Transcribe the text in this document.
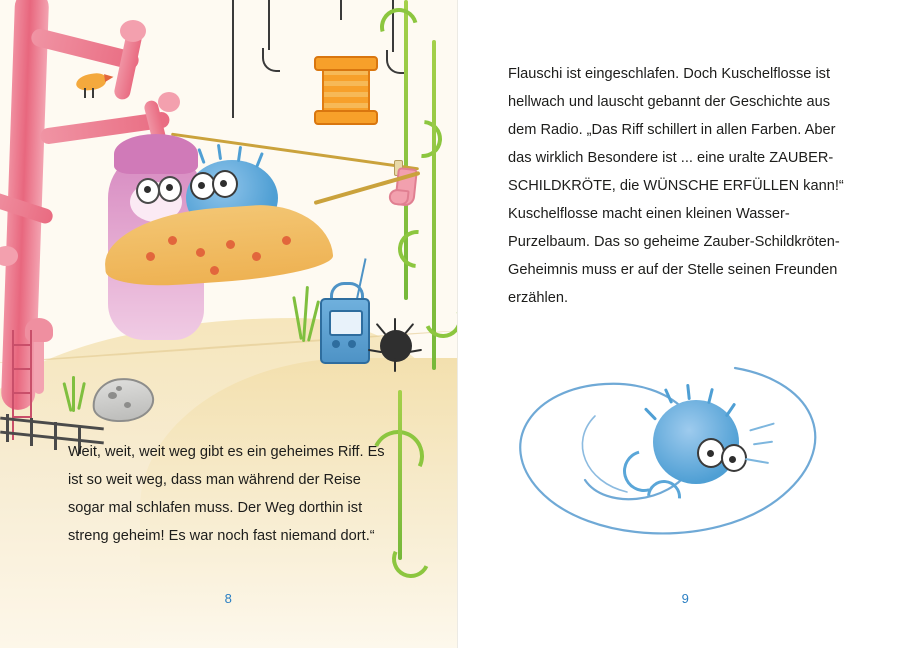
Weit, weit, weit weg gibt es ein geheimes Riff. Es ist so weit weg, dass man während der Reise sogar mal schlafen muss. Der Weg dorthin ist streng geheim! Es war noch fast niemand dort.“

8

Flauschi ist eingeschlafen. Doch Kuschelflosse ist hellwach und lauscht gebannt der Geschichte aus dem Radio. „Das Riff schillert in allen Farben. Aber das wirklich Besondere ist ... eine uralte ZAUBER-SCHILDKRÖTE, die WÜNSCHE ERFÜLLEN kann!“ Kuschelflosse macht einen kleinen Wasser-Purzelbaum. Das so geheime Zauber-Schildkröten-Geheimnis muss er auf der Stelle seinen Freunden erzählen.

9
